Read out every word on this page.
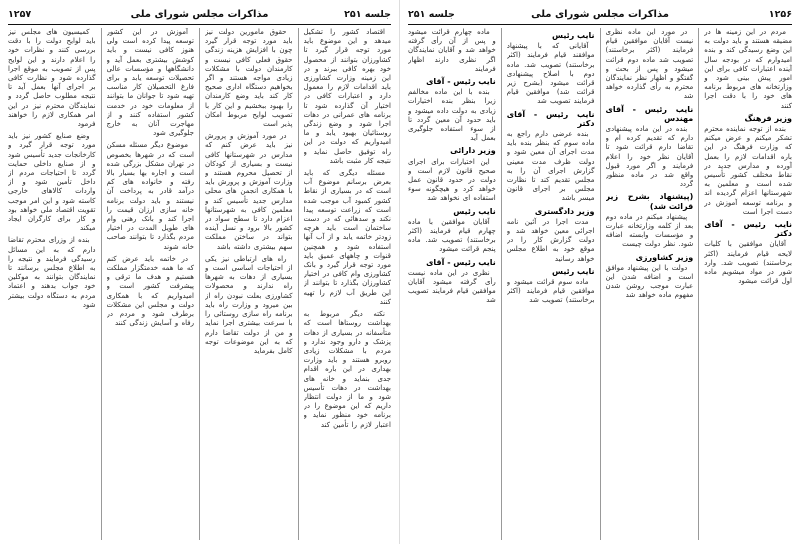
جلسه ۲۵۱
مذاکرات مجلس شورای ملی
۱۲۵۷

اقتصاد کشور را تشکیل میدهد و این موضوع باید مورد توجه قرار گیرد تا کشاورزان بتوانند از محصول خود بهره کافی ببرند و در این زمینه وزارت کشاورزی باید اقدامات لازم را معمول دارد و اعتبارات کافی در اختیار آن گذارده شود تا برنامه های عمرانی در دهات اجرا شود و وضع زندگی روستائیان بهبود یابد و ما امیدواریم که دولت در این راه توفیق حاصل نماید و نتیجه کار مثبت باشد

مسئله دیگری که باید بعرض برسانم موضوع آب است که در بسیاری از نقاط کشور کمبود آب موجب شده است که زراعت توسعه پیدا نکند و سدهائی که در دست ساختمان است باید هرچه زودتر خاتمه یابد و از آب آنها استفاده شود و همچنین قنوات و چاههای عمیق باید مورد توجه قرار گیرد و بانک کشاورزی وام کافی در اختیار کشاورزان بگذارد تا بتوانند از این طریق آب لازم را تهیه کنند

نکته دیگر مربوط به بهداشت روستاها است که متأسفانه در بسیاری از دهات پزشک و دارو وجود ندارد و مردم با مشکلات زیادی روبرو هستند و باید وزارت بهداری در این باره اقدام جدی بنماید و خانه های بهداشت در دهات تأسیس شود و ما از دولت انتظار داریم که این موضوع را در برنامه خود منظور نماید و اعتبار لازم را تأمین کند

حقوق مأمورین دولت نیز باید مورد توجه قرار گیرد چون با افزایش هزینه زندگی حقوق فعلی کافی نیست و کارمندان دولت با مشکلات زیادی مواجه هستند و اگر بخواهیم دستگاه اداری صحیح کار کند باید وضع کارمندان را بهبود ببخشیم و این کار با تصویب لوایح مربوط امکان پذیر است

در مورد آموزش و پرورش نیز باید عرض کنم که مدارس در شهرستانها کافی نیست و بسیاری از کودکان از تحصیل محروم هستند و وزارت آموزش و پرورش باید با همکاری انجمن های محلی مدارس جدید تأسیس کند و معلمین کافی به شهرستانها اعزام دارد تا سطح سواد در کشور بالا برود و نسل آینده بتواند در ساختن مملکت سهم بیشتری داشته باشد

راه های ارتباطی نیز یکی از احتیاجات اساسی است و بسیاری از دهات به شهرها راه ندارند و محصولات کشاورزی بعلت نبودن راه از بین میرود و وزارت راه باید برنامه راه سازی روستائی را با سرعت بیشتری اجرا نماید و من از دولت تقاضا دارم که به این موضوعات توجه کامل بفرماید

آموزش در این کشور توسعه پیدا کرده است ولی هنوز کافی نیست و باید کوشش بیشتری بعمل آید و دانشگاهها و مؤسسات عالی تحصیلات توسعه یابد و برای فارغ التحصیلان کار مناسب تهیه شود تا جوانان ما بتوانند از معلومات خود در خدمت کشور استفاده کنند و از مهاجرت آنان به خارج جلوگیری شود

موضوع دیگر مسئله مسکن است که در شهرها بخصوص در تهران مشکل بزرگی شده است و اجاره بها بسیار بالا رفته و خانواده های کم درآمد قادر به پرداخت آن نیستند و باید دولت برنامه خانه سازی ارزان قیمت را اجرا کند و بانک رهنی وام های طویل المدت در اختیار مردم بگذارد تا بتوانند صاحب خانه شوند

در خاتمه باید عرض کنم که ما همه خدمتگزار مملکت هستیم و هدف ما ترقی و پیشرفت کشور است و امیدواریم که با همکاری دولت و مجلس این مشکلات برطرف شود و مردم در رفاه و آسایش زندگی کنند

کمیسیون های مجلس نیز باید لوایح دولت را با دقت بررسی کنند و نظرات خود را اعلام دارند و این لوایح پس از تصویب به موقع اجرا گذارده شود و نظارت کافی بر اجرای آنها بعمل آید تا نتیجه مطلوب حاصل گردد و نمایندگان محترم نیز در این امر همکاری لازم را خواهند فرمود

وضع صنایع کشور نیز باید مورد توجه قرار گیرد و کارخانجات جدید تأسیس شود و از صنایع داخلی حمایت گردد تا احتیاجات مردم از داخل تأمین شود و از واردات کالاهای خارجی کاسته شود و این امر موجب تقویت اقتصاد ملی خواهد بود و کار برای کارگران ایجاد میکند

بنده از وزرای محترم تقاضا دارم که به این مسائل رسیدگی فرمایند و نتیجه را به اطلاع مجلس برسانند تا نمایندگان بتوانند به موکلین خود جواب بدهند و اعتماد مردم به دستگاه دولت بیشتر شود

۱۲۵۶
مذاکرات مجلس شورای ملی
جلسه ۲۵۱

مردم در این زمینه ها در مضیقه هستند و باید دولت به این وضع رسیدگی کند و بنده امیدوارم که در بودجه سال آینده اعتبارات کافی برای این امور پیش بینی شود و وزارتخانه های مربوط برنامه های خود را با دقت اجرا کنند

وزیر فرهنگ

بنده از توجه نماینده محترم تشکر میکنم و عرض میکنم که وزارت فرهنگ در این باره اقدامات لازم را بعمل آورده و مدارس جدید در نقاط مختلف کشور تأسیس شده است و معلمین به شهرستانها اعزام گردیده اند و برنامه توسعه آموزش در دست اجرا است

نایب رئیس - آقای دکتر

آقایان موافقین با کلیات لایحه قیام فرمایند (اکثر برخاستند) تصویب شد. وارد شور در مواد میشویم ماده اول قرائت میشود

در مورد این ماده نظری نیست آقایان موافقین قیام فرمایند (اکثر برخاستند) تصویب شد ماده دوم قرائت میشود و پس از بحث و گفتگو و اظهار نظر نمایندگان محترم به رأی گذارده خواهد شد

نایب رئیس - آقای مهندس

بنده در این ماده پیشنهادی دارم که تقدیم کرده ام و تقاضا دارم قرائت شود تا آقایان نظر خود را اعلام فرمایند و اگر مورد قبول واقع شد در ماده منظور گردد

(پیشنهاد بشرح زیر قرائت شد)

پیشنهاد میکنم در ماده دوم بعد از کلمه وزارتخانه عبارت و مؤسسات وابسته اضافه شود. نظر دولت چیست

وزیر کشاورزی

دولت با این پیشنهاد موافق است و اضافه شدن این عبارت موجب روشن شدن مفهوم ماده خواهد شد

نایب رئیس

آقایانی که با پیشنهاد موافقند قیام فرمایند (اکثر برخاستند) تصویب شد. ماده دوم با اصلاح پیشنهادی قرائت میشود (بشرح زیر قرائت شد) موافقین قیام فرمایند تصویب شد

نایب رئیس - آقای دکتر

بنده عرضی دارم راجع به ماده سوم که بنظر بنده باید مدت اجرای آن معین شود و دولت ظرف مدت معینی گزارش اجرای آن را به مجلس تقدیم کند تا نظارت مجلس بر اجرای قانون میسر باشد

وزیر دادگستری

مدت اجرا در آئین نامه اجرائی معین خواهد شد و دولت گزارش کار را در موقع خود به اطلاع مجلس خواهد رسانید

نایب رئیس

ماده سوم قرائت میشود و موافقین قیام فرمایند (اکثر برخاستند) تصویب شد

ماده چهارم قرائت میشود و پس از آن رأی گرفته خواهد شد و آقایان نمایندگان اگر نظری دارند اظهار فرمایند

نایب رئیس - آقای

بنده با این ماده مخالفم زیرا بنظر بنده اختیارات زیادی به دولت داده میشود و باید حدود آن معین گردد تا از سوء استفاده جلوگیری بعمل آید

وزیر دارائی

این اختیارات برای اجرای صحیح قانون لازم است و دولت در حدود قانون عمل خواهد کرد و هیچگونه سوء استفاده ای نخواهد شد

نایب رئیس

آقایان موافقین با ماده چهارم قیام فرمایند (اکثر برخاستند) تصویب شد. ماده پنجم قرائت میشود

نایب رئیس - آقای

نظری در این ماده نیست رأی گرفته میشود آقایان موافقین قیام فرمایند تصویب شد
